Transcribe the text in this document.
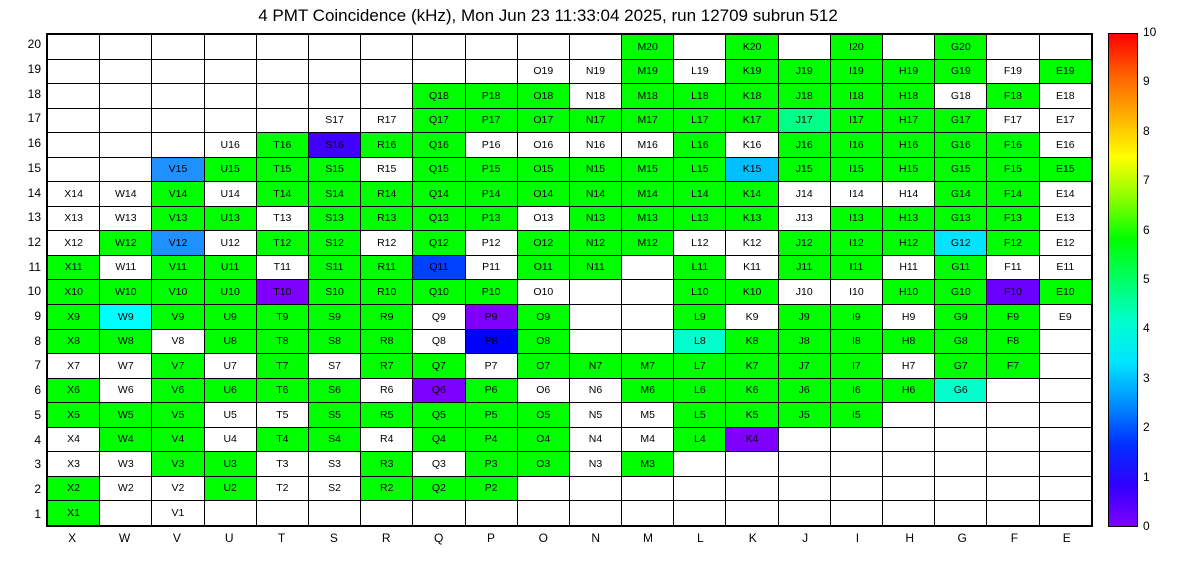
4 PMT Coincidence (kHz), Mon Jun 23 11:33:04 2025, run 12709 subrun 512
											M20		K20		I20		G20		
									O19	N19	M19	L19	K19	J19	I19	H19	G19	F19	E19
							Q18	P18	O18	N18	M18	L18	K18	J18	I18	H18	G18	F18	E18
					S17	R17	Q17	P17	O17	N17	M17	L17	K17	J17	I17	H17	G17	F17	E17
			U16	T16	S16	R16	Q16	P16	O16	N16	M16	L16	K16	J16	I16	H16	G16	F16	E16
		V15	U15	T15	S15	R15	Q15	P15	O15	N15	M15	L15	K15	J15	I15	H15	G15	F15	E15
X14	W14	V14	U14	T14	S14	R14	Q14	P14	O14	N14	M14	L14	K14	J14	I14	H14	G14	F14	E14
X13	W13	V13	U13	T13	S13	R13	Q13	P13	O13	N13	M13	L13	K13	J13	I13	H13	G13	F13	E13
X12	W12	V12	U12	T12	S12	R12	Q12	P12	O12	N12	M12	L12	K12	J12	I12	H12	G12	F12	E12
X11	W11	V11	U11	T11	S11	R11	Q11	P11	O11	N11		L11	K11	J11	I11	H11	G11	F11	E11
X10	W10	V10	U10	T10	S10	R10	Q10	P10	O10			L10	K10	J10	I10	H10	G10	F10	E10
X9	W9	V9	U9	T9	S9	R9	Q9	P9	O9			L9	K9	J9	I9	H9	G9	F9	E9
X8	W8	V8	U8	T8	S8	R8	Q8	P8	O8			L8	K8	J8	I8	H8	G8	F8	
X7	W7	V7	U7	T7	S7	R7	Q7	P7	O7	N7	M7	L7	K7	J7	I7	H7	G7	F7	
X6	W6	V6	U6	T6	S6	R6	Q6	P6	O6	N6	M6	L6	K6	J6	I6	H6	G6		
X5	W5	V5	U5	T5	S5	R5	Q5	P5	O5	N5	M5	L5	K5	J5	I5				
X4	W4	V4	U4	T4	S4	R4	Q4	P4	O4	N4	M4	L4	K4						
X3	W3	V3	U3	T3	S3	R3	Q3	P3	O3	N3	M3								
X2	W2	V2	U2	T2	S2	R2	Q2	P2											
X1		V1																	
20
19
18
17
16
15
14
13
12
11
10
9
8
7
6
5
4
3
2
1
X	W	V	U	T	S	R	Q	P	O	N	M	L	K	J	I	H	G	F	E
0
1
2
3
4
5
6
7
8
9
10
